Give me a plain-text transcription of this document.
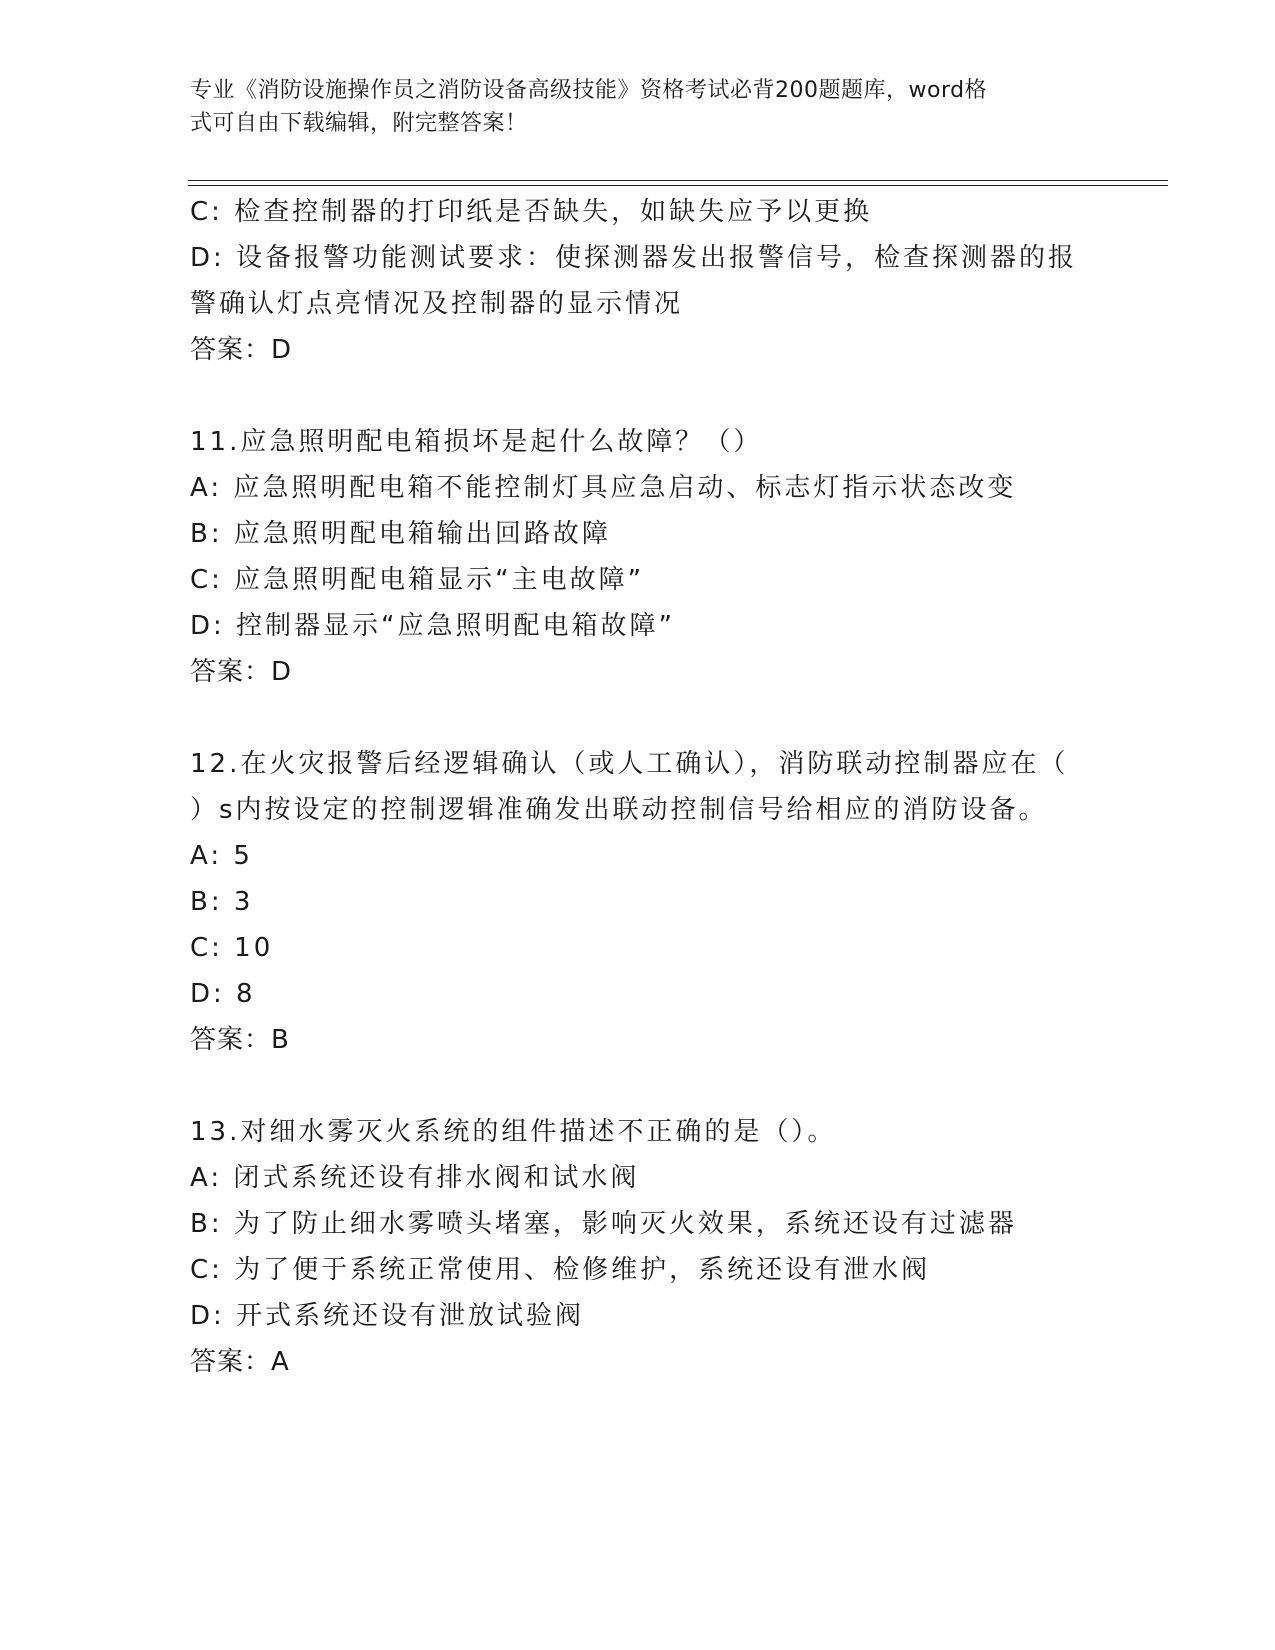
专业《消防设施操作员之消防设备高级技能》资格考试必背200题题库，word格
式可自由下载编辑，附完整答案！
C: 检查控制器的打印纸是否缺失，如缺失应予以更换
D: 设备报警功能测试要求：使探测器发出报警信号，检查探测器的报
警确认灯点亮情况及控制器的显示情况
答案：D
11.应急照明配电箱损坏是起什么故障？（）
A: 应急照明配电箱不能控制灯具应急启动、标志灯指示状态改变
B: 应急照明配电箱输出回路故障
C: 应急照明配电箱显示“主电故障”
D: 控制器显示“应急照明配电箱故障”
答案：D
12.在火灾报警后经逻辑确认（或人工确认），消防联动控制器应在（
）s内按设定的控制逻辑准确发出联动控制信号给相应的消防设备。
A: 5
B: 3
C: 10
D: 8
答案：B
13.对细水雾灭火系统的组件描述不正确的是（）。
A: 闭式系统还设有排水阀和试水阀
B: 为了防止细水雾喷头堵塞，影响灭火效果，系统还设有过滤器
C: 为了便于系统正常使用、检修维护，系统还设有泄水阀
D: 开式系统还设有泄放试验阀
答案：A
